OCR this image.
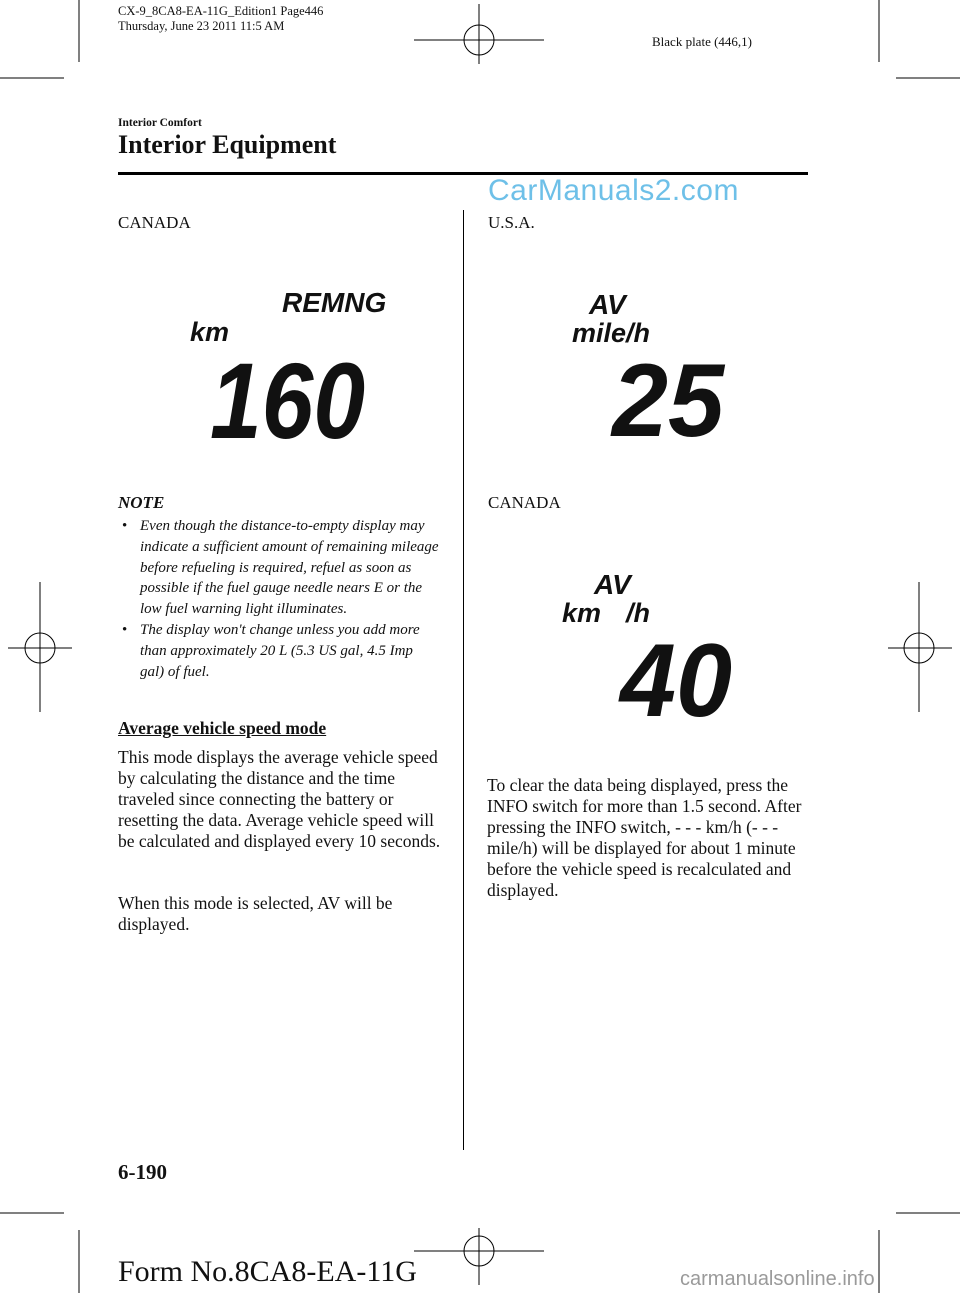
REMNG
km
160
AV
mile/h
25
AV
km /h
40
CX-9_8CA8-EA-11G_Edition1 Page446
Thursday, June 23 2011 11:5 AM
Black plate (446,1)
Interior Comfort
Interior Equipment
CarManuals2.com
CANADA
NOTE
• Even though the distance-to-empty display may indicate a sufficient amount of remaining mileage before refueling is required, refuel as soon as possible if the fuel gauge needle nears E or the low fuel warning light illuminates.
• The display won't change unless you add more than approximately 20 L (5.3 US gal, 4.5 Imp gal) of fuel.
Average vehicle speed mode
This mode displays the average vehicle speed by calculating the distance and the time traveled since connecting the battery or resetting the data. Average vehicle speed will be calculated and displayed every 10 seconds.
When this mode is selected, AV will be displayed.
U.S.A.
CANADA
To clear the data being displayed, press the INFO switch for more than 1.5 second. After pressing the INFO switch, - - - km/h (- - - mile/h) will be displayed for about 1 minute before the vehicle speed is recalculated and displayed.
6-190
Form No.8CA8-EA-11G	carmanualsonline.info
